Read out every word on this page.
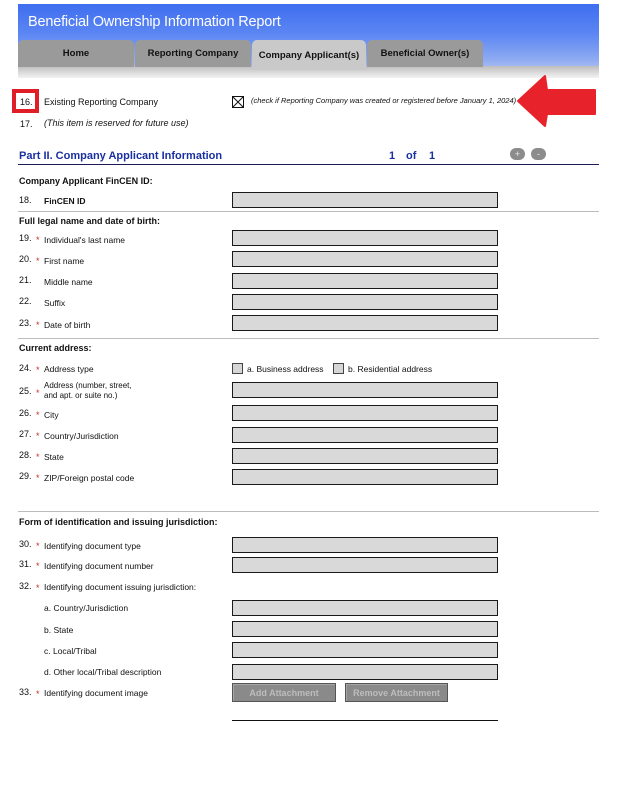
Beneficial Ownership Information Report
Home	Reporting Company	Company Applicant(s)	Beneficial Owner(s)
16. Existing Reporting Company	(check if Reporting Company was created or registered before January 1, 2024)
17. (This item is reserved for future use)
Part II. Company Applicant Information	1 of 1	+	-
Company Applicant FinCEN ID:
18. FinCEN ID
Full legal name and date of birth:
19. * Individual's last name
20. * First name
21. Middle name
22. Suffix
23. * Date of birth
Current address:
24. * Address type	a. Business address	b. Residential address
25. *
Address (number, street,
and apt. or suite no.)
26. * City
27. * Country/Jurisdiction
28. * State
29. * ZIP/Foreign postal code
Form of identification and issuing jurisdiction:
30. * Identifying document type
31. * Identifying document number
32. * Identifying document issuing jurisdiction:
a. Country/Jurisdiction
b. State
c. Local/Tribal
d. Other local/Tribal description
33. * Identifying document image	Add Attachment	Remove Attachment
